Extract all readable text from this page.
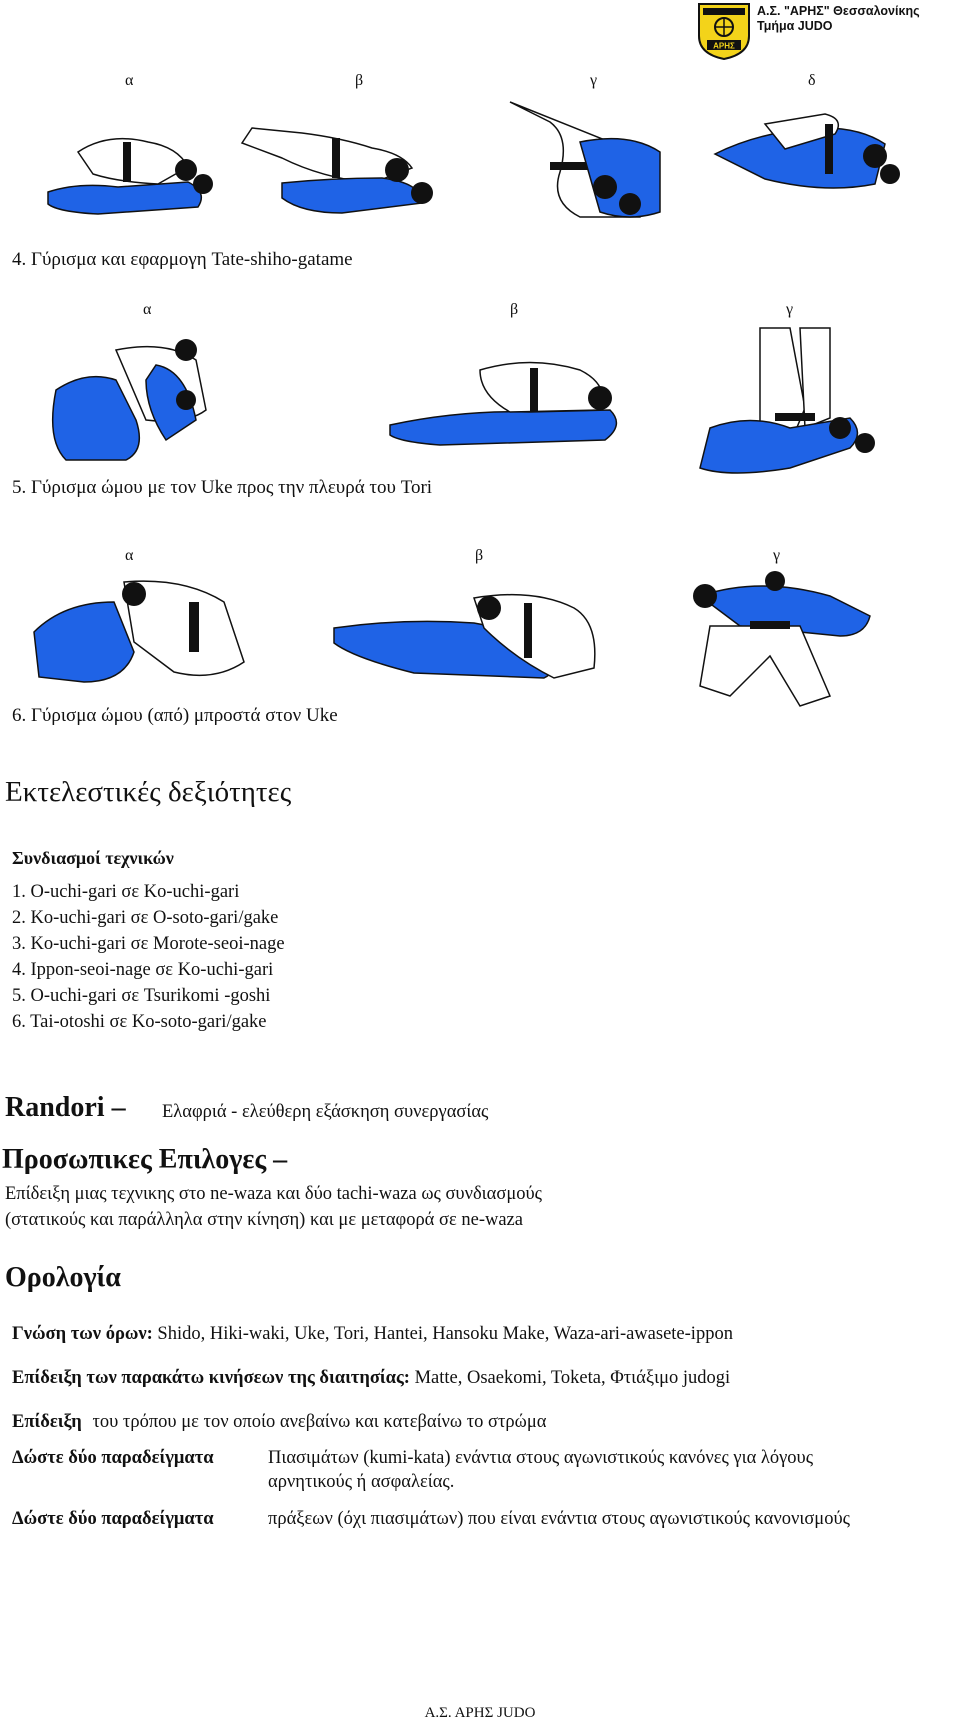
ΑΡΗΣ
Α.Σ. "ΑΡΗΣ" Θεσσαλονίκης
Τμήμα JUDO
α	β	γ	δ
4. Γύρισμα και εφαρμογη Tate-shiho-gatame
α	β	γ
5. Γύρισμα ώμου με τον Uke προς την πλευρά του Tori
α	β	γ
6. Γύρισμα ώμου (από) μπροστά στον Uke
Εκτελεστικές δεξιότητες
Συνδιασμοί τεχνικών
1. O-uchi-gari σε Ko-uchi-gari
2. Ko-uchi-gari σε O-soto-gari/gake
3. Ko-uchi-gari σε Morote-seoi-nage
4. Ippon-seoi-nage σε Ko-uchi-gari
5. O-uchi-gari σε Tsurikomi -goshi
6. Tai-otoshi σε Ko-soto-gari/gake
Randori – Ελαφριά - ελεύθερη εξάσκηση συνεργασίας
Προσωπικες Επιλογες –
Επίδειξη μιας τεχνικης στο ne-waza και δύο tachi-waza ως συνδιασμούς
(στατικούς και παράλληλα στην κίνηση) και με μεταφορά σε ne-waza
Ορολογία
Γνώση των όρων: Shido, Hiki-waki, Uke, Tori, Hantei, Hansoku Make, Waza-ari-awasete-ippon
Επίδειξη των παρακάτω κινήσεων της διαιτησίας: Matte, Osaekomi, Toketa, Φτιάξιμο judogi
Επίδειξη του τρόπου με τον οποίο ανεβαίνω και κατεβαίνω το στρώμα
Δώστε δύο παραδείγματα	Πιασιμάτων (kumi-kata) ενάντια στους αγωνιστικούς κανόνες για λόγους
αρνητικούς ή ασφαλείας.
Δώστε δύο παραδείγματα	πράξεων (όχι πιασιμάτων) που είναι ενάντια στους αγωνιστικούς κανονισμούς
Α.Σ. ΑΡΗΣ JUDO
